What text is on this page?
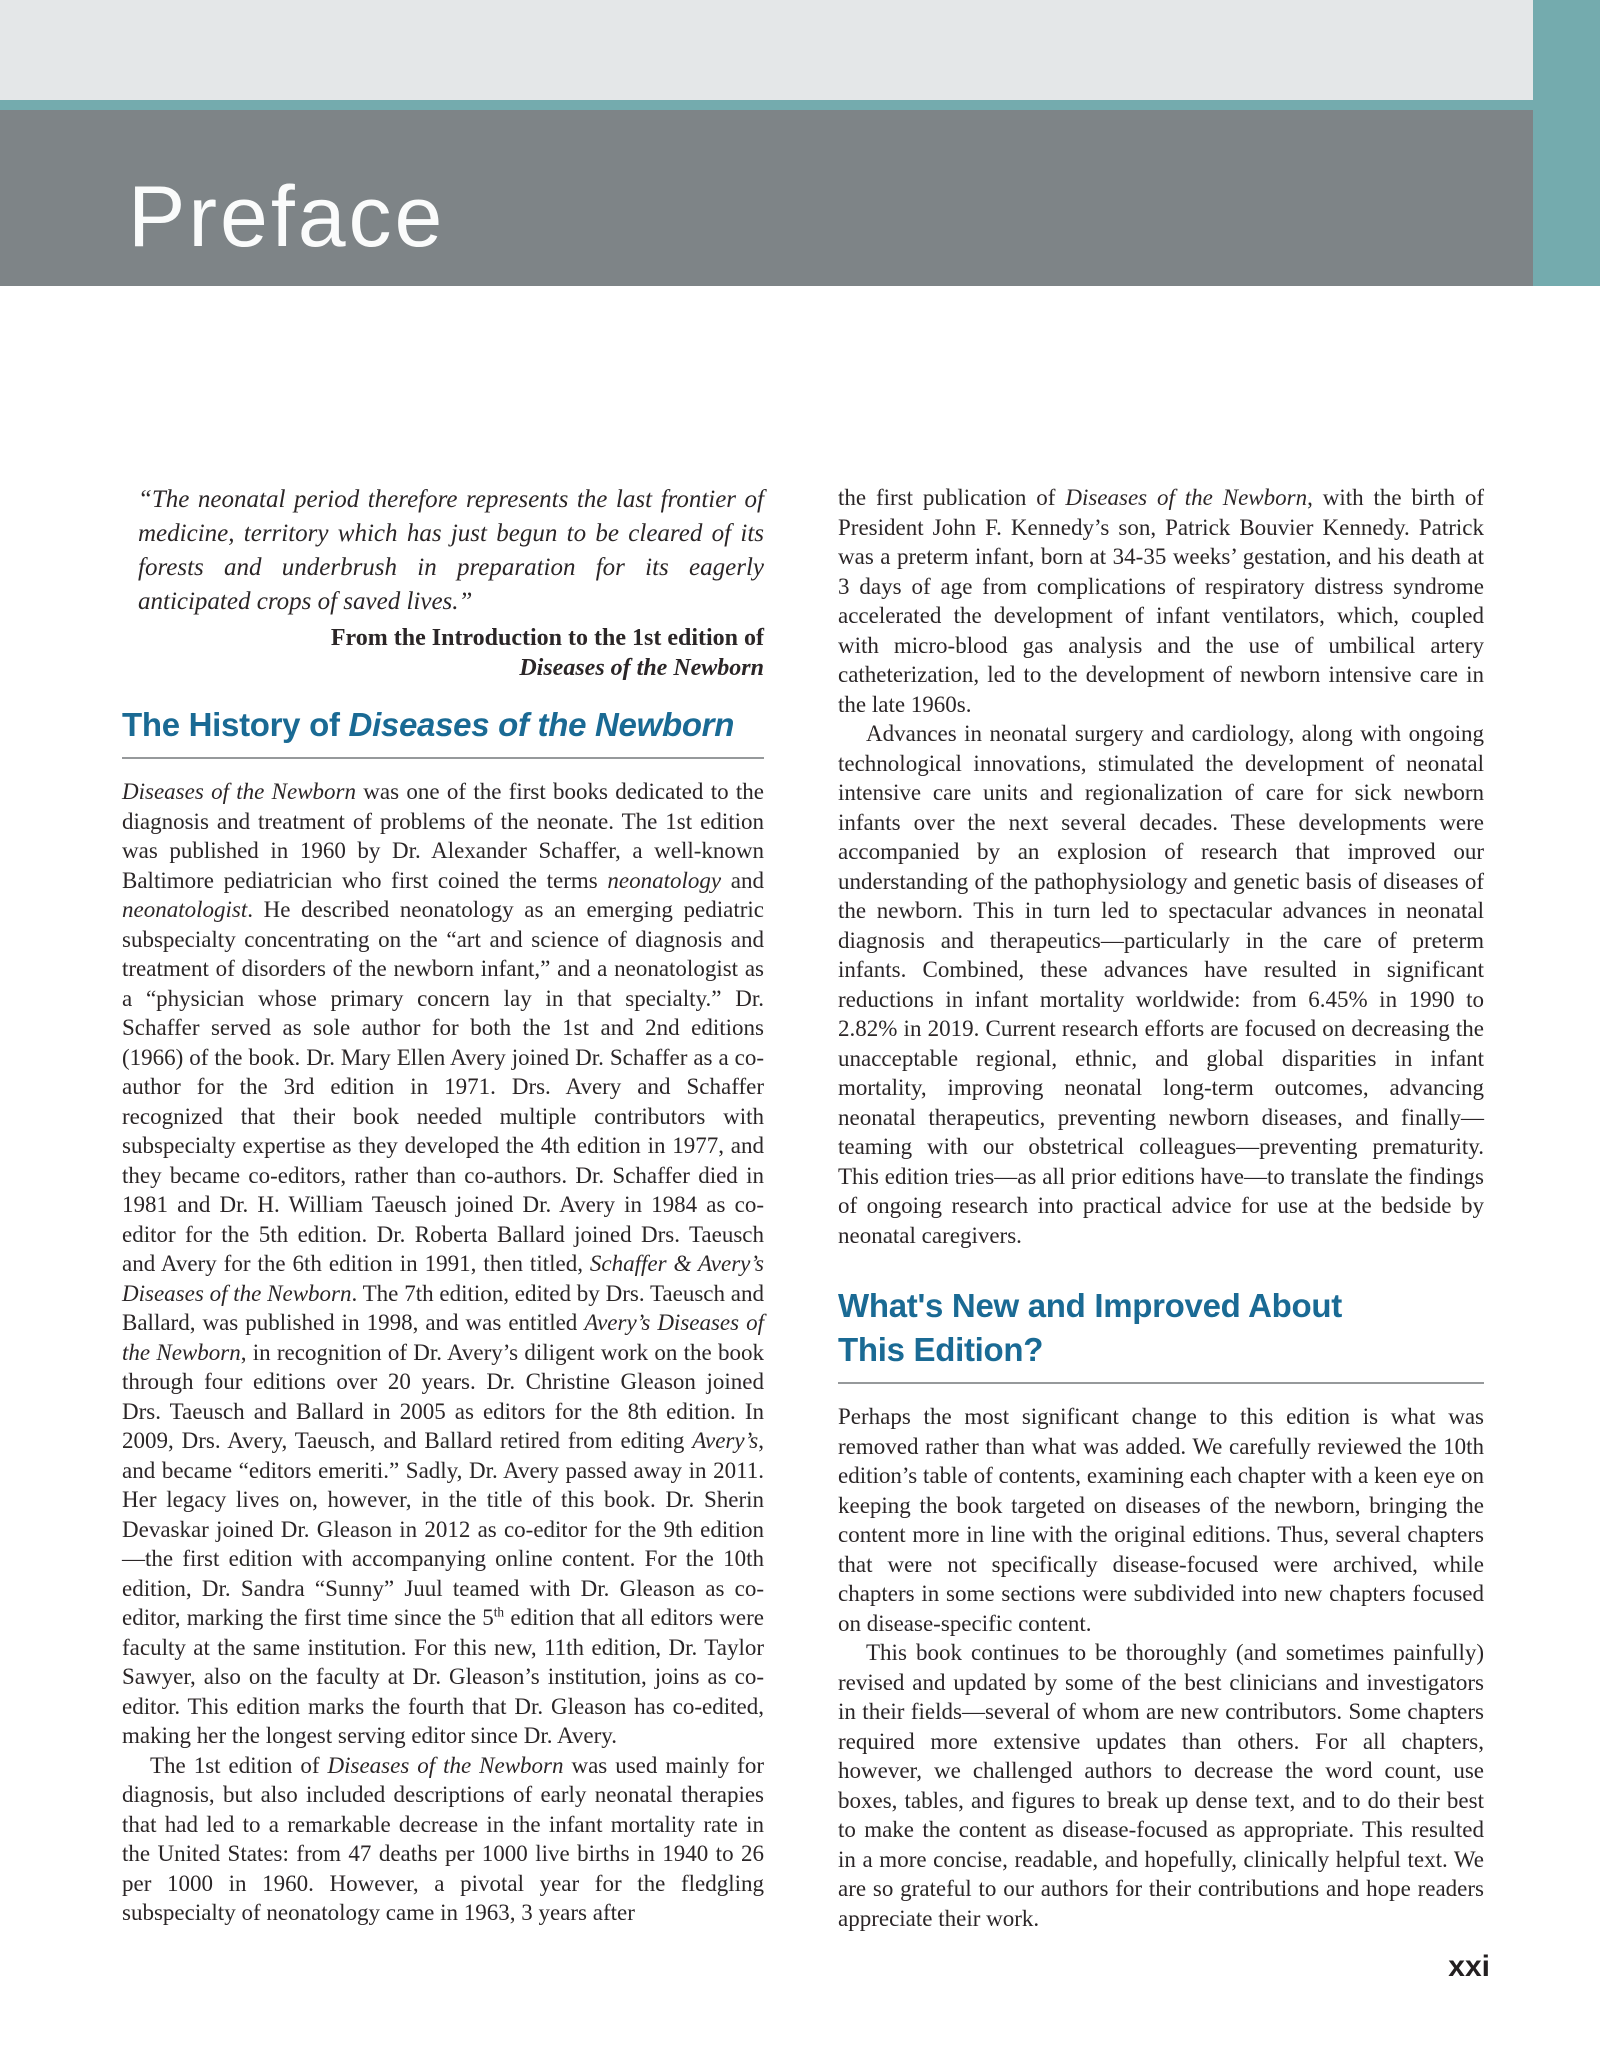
Preface
“The neonatal period therefore represents the last frontier of medicine, territory which has just begun to be cleared of its forests and underbrush in preparation for its eagerly anticipated crops of saved lives.”
From the Introduction to the 1st edition of
Diseases of the Newborn
The History of Diseases of the Newborn

Diseases of the Newborn was one of the first books dedicated to the diagnosis and treatment of problems of the neonate. The 1st edition was published in 1960 by Dr. Alexander Schaffer, a well-known Baltimore pediatrician who first coined the terms neonatology and neonatologist. He described neonatology as an emerging pediatric subspecialty concentrating on the “art and science of diagnosis and treatment of disorders of the newborn infant,” and a neonatologist as a “physician whose primary concern lay in that specialty.” Dr. Schaffer served as sole author for both the 1st and 2nd editions (1966) of the book. Dr. Mary Ellen Avery joined Dr. Schaffer as a co-author for the 3rd edition in 1971. Drs. Avery and Schaffer recognized that their book needed multiple contributors with subspecialty expertise as they developed the 4th edition in 1977, and they became co-editors, rather than co-authors. Dr. Schaffer died in 1981 and Dr. H. William Taeusch joined Dr. Avery in 1984 as co-editor for the 5th edition. Dr. Roberta Ballard joined Drs. Taeusch and Avery for the 6th edition in 1991, then titled, Schaffer & Avery’s Diseases of the Newborn. The 7th edition, edited by Drs. Taeusch and Ballard, was published in 1998, and was entitled Avery’s Diseases of the Newborn, in recognition of Dr. Avery’s diligent work on the book through four editions over 20 years. Dr. Christine Gleason joined Drs. Taeusch and Ballard in 2005 as editors for the 8th edition. In 2009, Drs. Avery, Taeusch, and Ballard retired from editing Avery’s, and became “editors emeriti.” Sadly, Dr. Avery passed away in 2011. Her legacy lives on, however, in the title of this book. Dr. Sherin Devaskar joined Dr. Gleason in 2012 as co-editor for the 9th edition—the first edition with accompanying online content. For the 10th edition, Dr. Sandra “Sunny” Juul teamed with Dr. Gleason as co-editor, marking the first time since the 5th edition that all editors were faculty at the same institution. For this new, 11th edition, Dr. Taylor Sawyer, also on the faculty at Dr. Gleason’s institution, joins as co-editor. This edition marks the fourth that Dr. Gleason has co-edited, making her the longest serving editor since Dr. Avery.

The 1st edition of Diseases of the Newborn was used mainly for diagnosis, but also included descriptions of early neonatal therapies that had led to a remarkable decrease in the infant mortality rate in the United States: from 47 deaths per 1000 live births in 1940 to 26 per 1000 in 1960. However, a pivotal year for the fledgling subspecialty of neonatology came in 1963, 3 years after

the first publication of Diseases of the Newborn, with the birth of President John F. Kennedy’s son, Patrick Bouvier Kennedy. Patrick was a preterm infant, born at 34-35 weeks’ gestation, and his death at 3 days of age from complications of respiratory distress syndrome accelerated the development of infant ventilators, which, coupled with micro-blood gas analysis and the use of umbilical artery catheterization, led to the development of newborn intensive care in the late 1960s.

Advances in neonatal surgery and cardiology, along with ongoing technological innovations, stimulated the development of neonatal intensive care units and regionalization of care for sick newborn infants over the next several decades. These developments were accompanied by an explosion of research that improved our understanding of the pathophysiology and genetic basis of diseases of the newborn. This in turn led to spectacular advances in neonatal diagnosis and therapeutics—particularly in the care of preterm infants. Combined, these advances have resulted in significant reductions in infant mortality worldwide: from 6.45% in 1990 to 2.82% in 2019. Current research efforts are focused on decreasing the unacceptable regional, ethnic, and global disparities in infant mortality, improving neonatal long-term outcomes, advancing neonatal therapeutics, preventing newborn diseases, and finally—teaming with our obstetrical colleagues—preventing prematurity. This edition tries—as all prior editions have—to translate the findings of ongoing research into practical advice for use at the bedside by neonatal caregivers.

What's New and Improved About
This Edition?

Perhaps the most significant change to this edition is what was removed rather than what was added. We carefully reviewed the 10th edition’s table of contents, examining each chapter with a keen eye on keeping the book targeted on diseases of the newborn, bringing the content more in line with the original editions. Thus, several chapters that were not specifically disease-focused were archived, while chapters in some sections were subdivided into new chapters focused on disease-specific content.

This book continues to be thoroughly (and sometimes painfully) revised and updated by some of the best clinicians and investigators in their fields—several of whom are new contributors. Some chapters required more extensive updates than others. For all chapters, however, we challenged authors to decrease the word count, use boxes, tables, and figures to break up dense text, and to do their best to make the content as disease-focused as appropriate. This resulted in a more concise, readable, and hopefully, clinically helpful text. We are so grateful to our authors for their contributions and hope readers appreciate their work.

xxi
